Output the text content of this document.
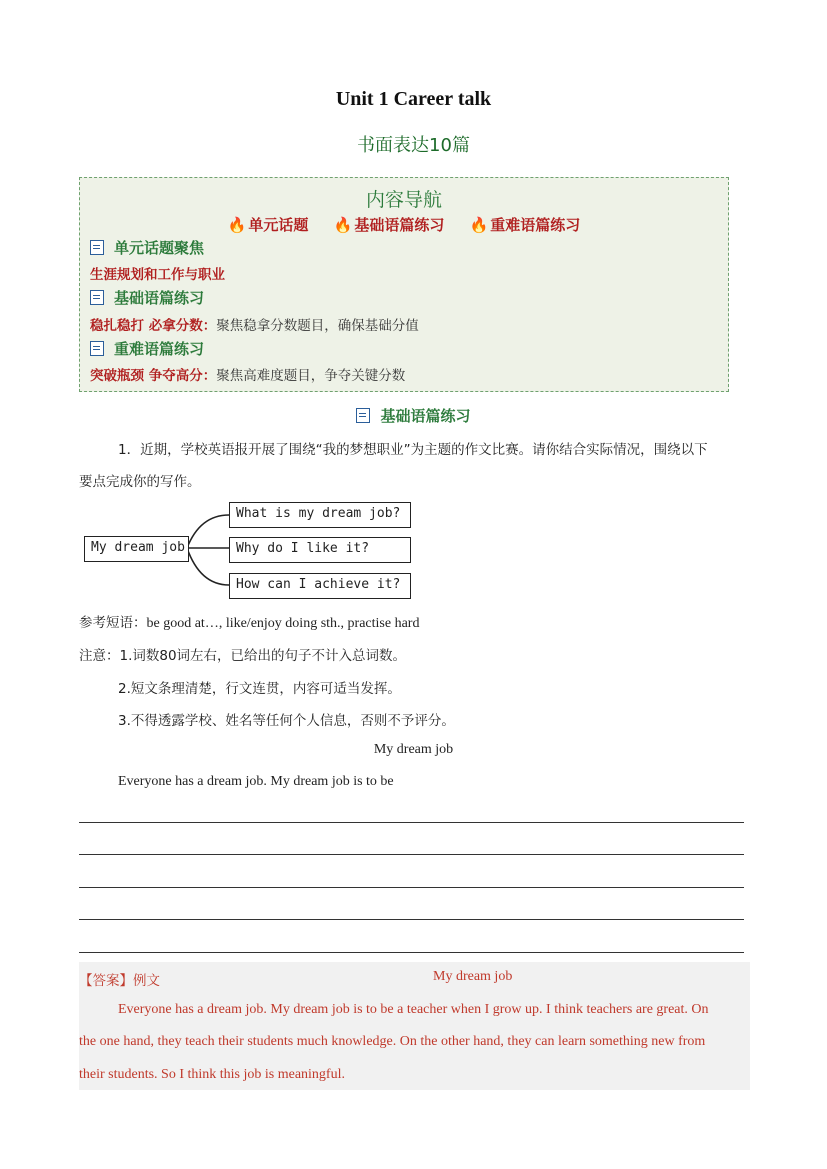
Unit 1 Career talk
书面表达10篇
内容导航
🔥 单元话题 🔥 基础语篇练习 🔥 重难语篇练习
单元话题聚焦
生涯规划和工作与职业
基础语篇练习
稳扎稳打 必拿分数：聚焦稳拿分数题目，确保基础分值
重难语篇练习
突破瓶颈 争夺高分：聚焦高难度题目，争夺关键分数
基础语篇练习
1．近期，学校英语报开展了围绕“我的梦想职业”为主题的作文比赛。请你结合实际情况，围绕以下
要点完成你的写作。
My dream job
What is my dream job?
Why do I like it?
How can I achieve it?
参考短语：be good at…, like/enjoy doing sth., practise hard
注意：1.词数80词左右，已给出的句子不计入总词数。
2.短文条理清楚，行文连贯，内容可适当发挥。
3.不得透露学校、姓名等任何个人信息，否则不予评分。
My dream job
Everyone has a dream job. My dream job is to be
【答案】例文	My dream job
Everyone has a dream job. My dream job is to be a teacher when I grow up. I think teachers are great. On
the one hand, they teach their students much knowledge. On the other hand, they can learn something new from
their students. So I think this job is meaningful.
